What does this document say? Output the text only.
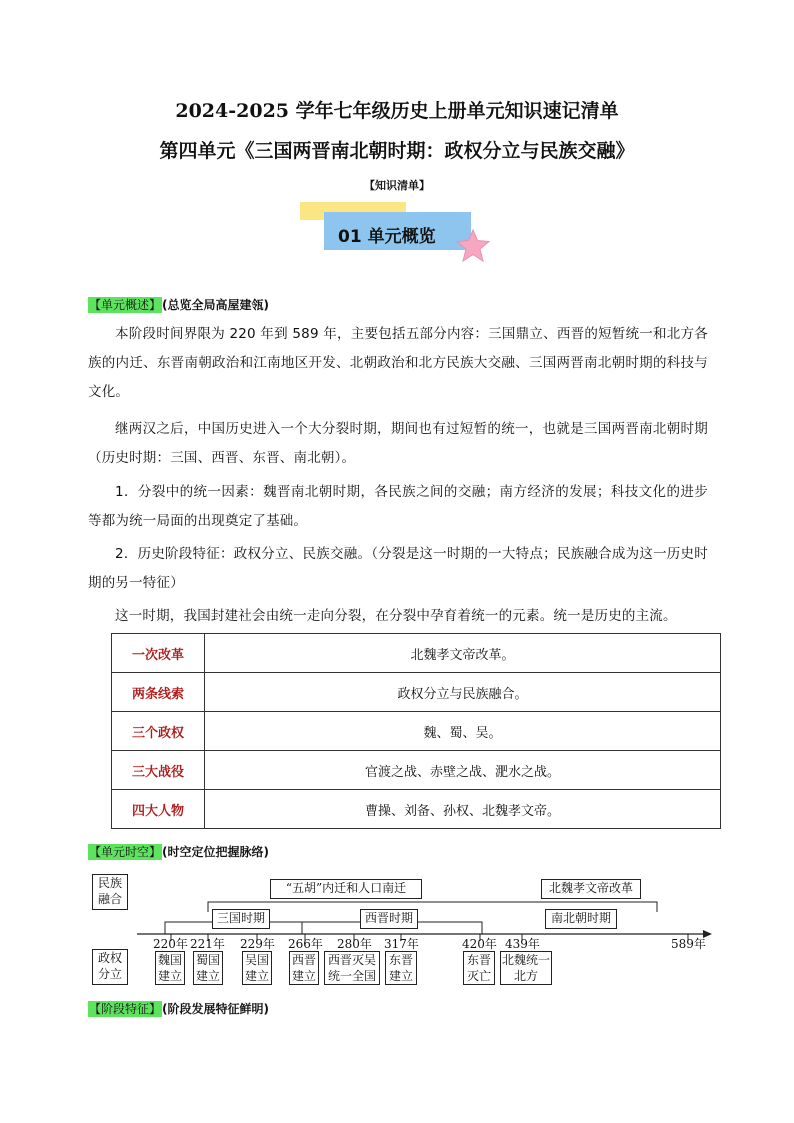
2024-2025 学年七年级历史上册单元知识速记清单
第四单元《三国两晋南北朝时期：政权分立与民族交融》
【知识清单】
01 单元概览
【单元概述】(总览全局高屋建瓴)

本阶段时间界限为 220 年到 589 年，主要包括五部分内容：三国鼎立、西晋的短暂统一和北方各族的内迁、东晋南朝政治和江南地区开发、北朝政治和北方民族大交融、三国两晋南北朝时期的科技与文化。

继两汉之后，中国历史进入一个大分裂时期，期间也有过短暂的统一，也就是三国两晋南北朝时期（历史时期：三国、西晋、东晋、南北朝）。

1．分裂中的统一因素：魏晋南北朝时期，各民族之间的交融；南方经济的发展；科技文化的进步等都为统一局面的出现奠定了基础。

2．历史阶段特征：政权分立、民族交融。（分裂是这一时期的一大特点；民族融合成为这一历史时期的另一特征）

这一时期，我国封建社会由统一走向分裂，在分裂中孕育着统一的元素。统一是历史的主流。

一次改革	北魏孝文帝改革。
两条线索	政权分立与民族融合。
三个政权	魏、蜀、吴。
三大战役	官渡之战、赤壁之战、淝水之战。
四大人物	曹操、刘备、孙权、北魏孝文帝。
【单元时空】(时空定位把握脉络)
民族
融合
政权
分立
“五胡”内迁和人口南迁	北魏孝文帝改革
三国时期	西晋时期	南北朝时期
220年 221年 229年 266年 280年 317年	420年 439年	589年
魏国
建立
蜀国
建立
吴国
建立
西晋
建立
西晋灭吴
统一全国
东晋
建立
东晋
灭亡
北魏统一
北方
【阶段特征】(阶段发展特征鲜明)
